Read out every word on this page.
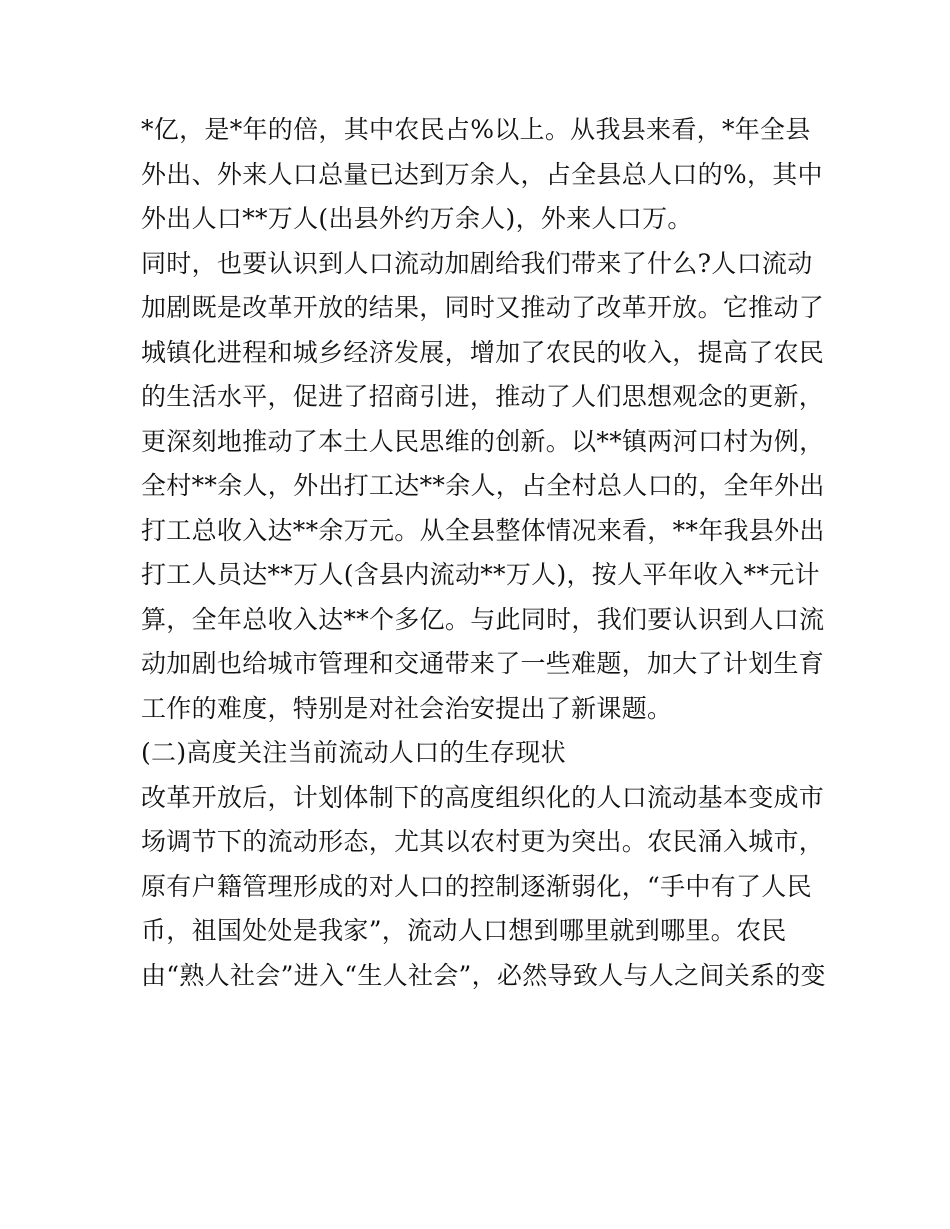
*亿，是*年的倍，其中农民占%以上。从我县来看，*年全县
外出、外来人口总量已达到万余人，占全县总人口的%，其中
外出人口**万人(出县外约万余人)，外来人口万。
同时，也要认识到人口流动加剧给我们带来了什么?人口流动
加剧既是改革开放的结果，同时又推动了改革开放。它推动了
城镇化进程和城乡经济发展，增加了农民的收入，提高了农民
的生活水平，促进了招商引进，推动了人们思想观念的更新，
更深刻地推动了本土人民思维的创新。以**镇两河口村为例，
全村**余人，外出打工达**余人，占全村总人口的，全年外出
打工总收入达**余万元。从全县整体情况来看，**年我县外出
打工人员达**万人(含县内流动**万人)，按人平年收入**元计
算，全年总收入达**个多亿。与此同时，我们要认识到人口流
动加剧也给城市管理和交通带来了一些难题，加大了计划生育
工作的难度，特别是对社会治安提出了新课题。
(二)高度关注当前流动人口的生存现状
改革开放后，计划体制下的高度组织化的人口流动基本变成市
场调节下的流动形态，尤其以农村更为突出。农民涌入城市，
原有户籍管理形成的对人口的控制逐渐弱化，“手中有了人民
币，祖国处处是我家”，流动人口想到哪里就到哪里。农民
由“熟人社会”进入“生人社会”，必然导致人与人之间关系的变
